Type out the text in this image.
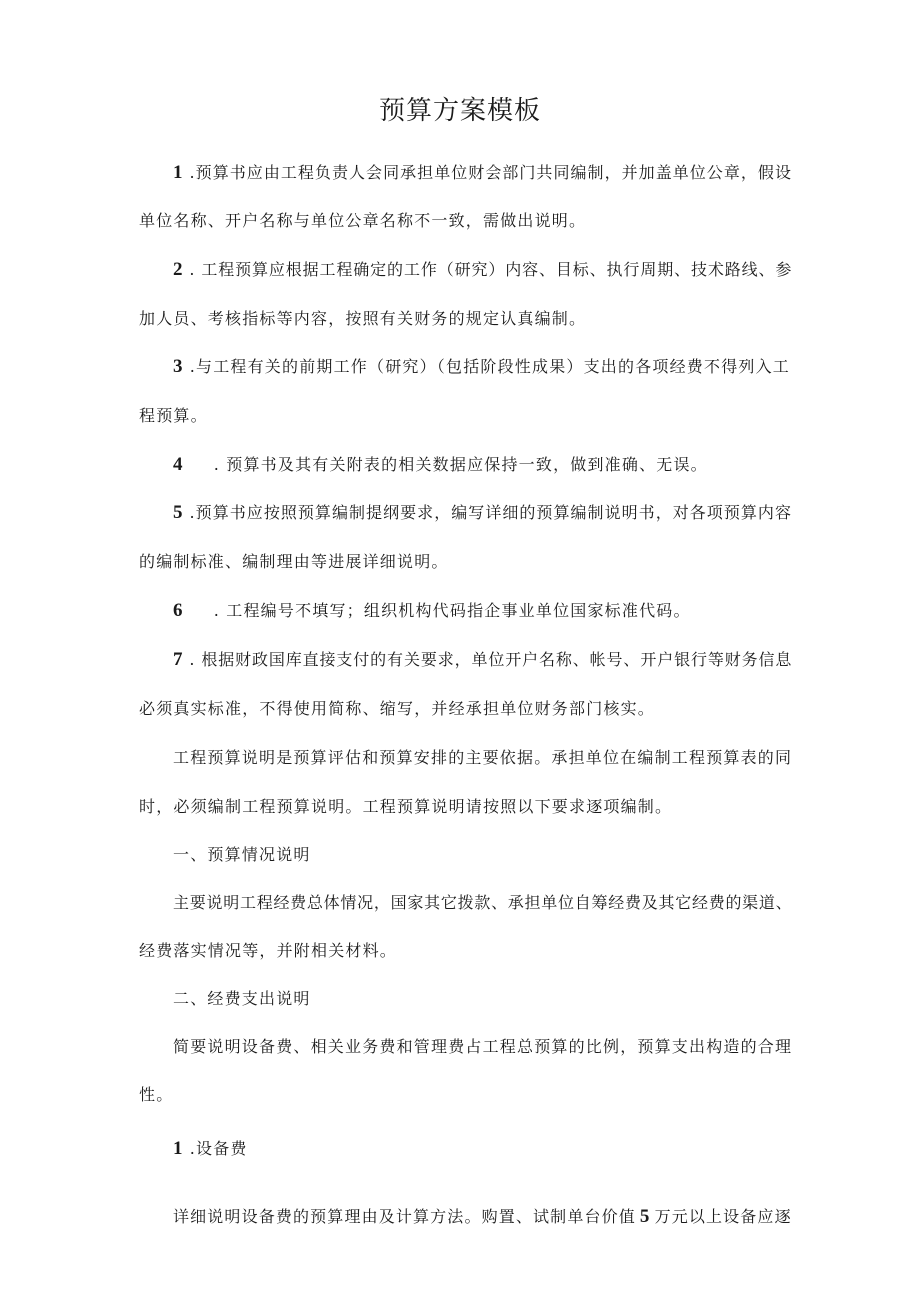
预算方案模板
1 .预算书应由工程负责人会同承担单位财会部门共同编制，并加盖单位公章，假设
单位名称、开户名称与单位公章名称不一致，需做出说明。
2 . 工程预算应根据工程确定的工作（研究）内容、目标、执行周期、技术路线、参
加人员、考核指标等内容，按照有关财务的规定认真编制。
3 .与工程有关的前期工作（研究）（包括阶段性成果）支出的各项经费不得列入工
程预算。
4 . 预算书及其有关附表的相关数据应保持一致，做到准确、无误。
5 .预算书应按照预算编制提纲要求，编写详细的预算编制说明书，对各项预算内容
的编制标准、编制理由等进展详细说明。
6 . 工程编号不填写；组织机构代码指企事业单位国家标准代码。
7 . 根据财政国库直接支付的有关要求，单位开户名称、帐号、开户银行等财务信息
必须真实标准，不得使用简称、缩写，并经承担单位财务部门核实。
工程预算说明是预算评估和预算安排的主要依据。承担单位在编制工程预算表的同
时，必须编制工程预算说明。工程预算说明请按照以下要求逐项编制。
一、预算情况说明
主要说明工程经费总体情况，国家其它拨款、承担单位自筹经费及其它经费的渠道、
经费落实情况等，并附相关材料。
二、经费支出说明
简要说明设备费、相关业务费和管理费占工程总预算的比例，预算支出构造的合理
性。
1 .设备费
详细说明设备费的预算理由及计算方法。购置、试制单台价值 5 万元以上设备应逐
